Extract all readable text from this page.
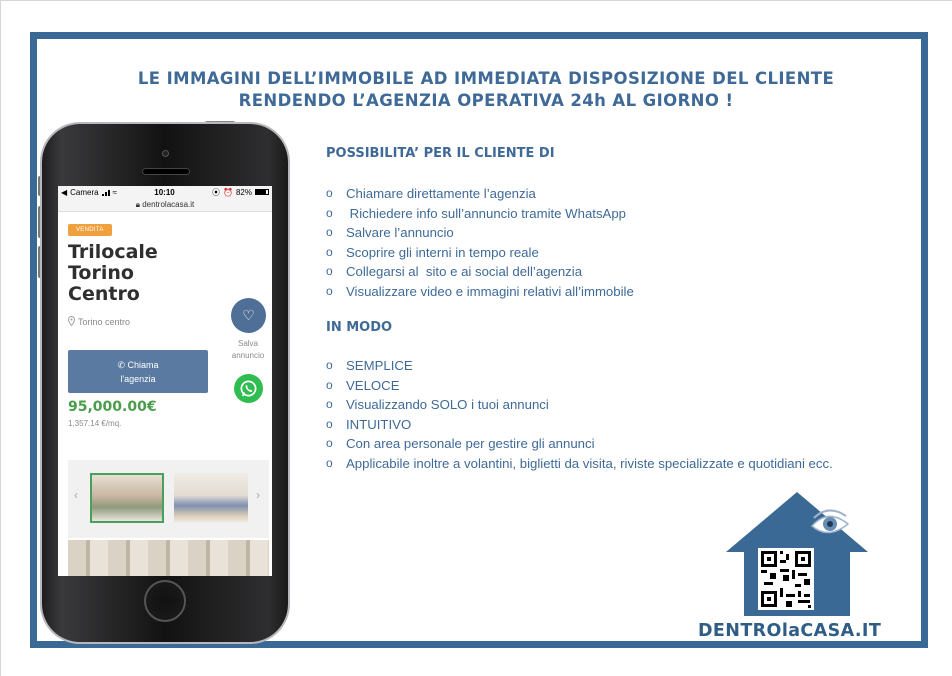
LE IMMAGINI DELL’IMMOBILE AD IMMEDIATA DISPOSIZIONE DEL CLIENTE
RENDENDO L’AGENZIA OPERATIVA 24h AL GIORNO !
◀ Camera ≈	10:10	⦿ ⏰ 82%
🔒︎ dentrolacasa.it
VENDITA
Trilocale
Torino
Centro
Torino centro	♡
Salva
annuncio
✆ Chiama
l'agenzia
95,000.00€
1,357.14 €/mq.
‹	›
POSSIBILITA’ PER IL CLIENTE DI
o	Chiamare direttamente l’agenzia
o	Richiedere info sull’annuncio tramite WhatsApp
o	Salvare l’annuncio
o	Scoprire gli interni in tempo reale
o	Collegarsi al  sito e ai social dell’agenzia
o	Visualizzare video e immagini relativi all’immobile
IN MODO
o	SEMPLICE
o	VELOCE
o	Visualizzando SOLO i tuoi annunci
o	INTUITIVO
o	Con area personale per gestire gli annunci
o	Applicabile inoltre a volantini, biglietti da visita, riviste specializzate e quotidiani ecc.
DENTROlaCASA.IT
